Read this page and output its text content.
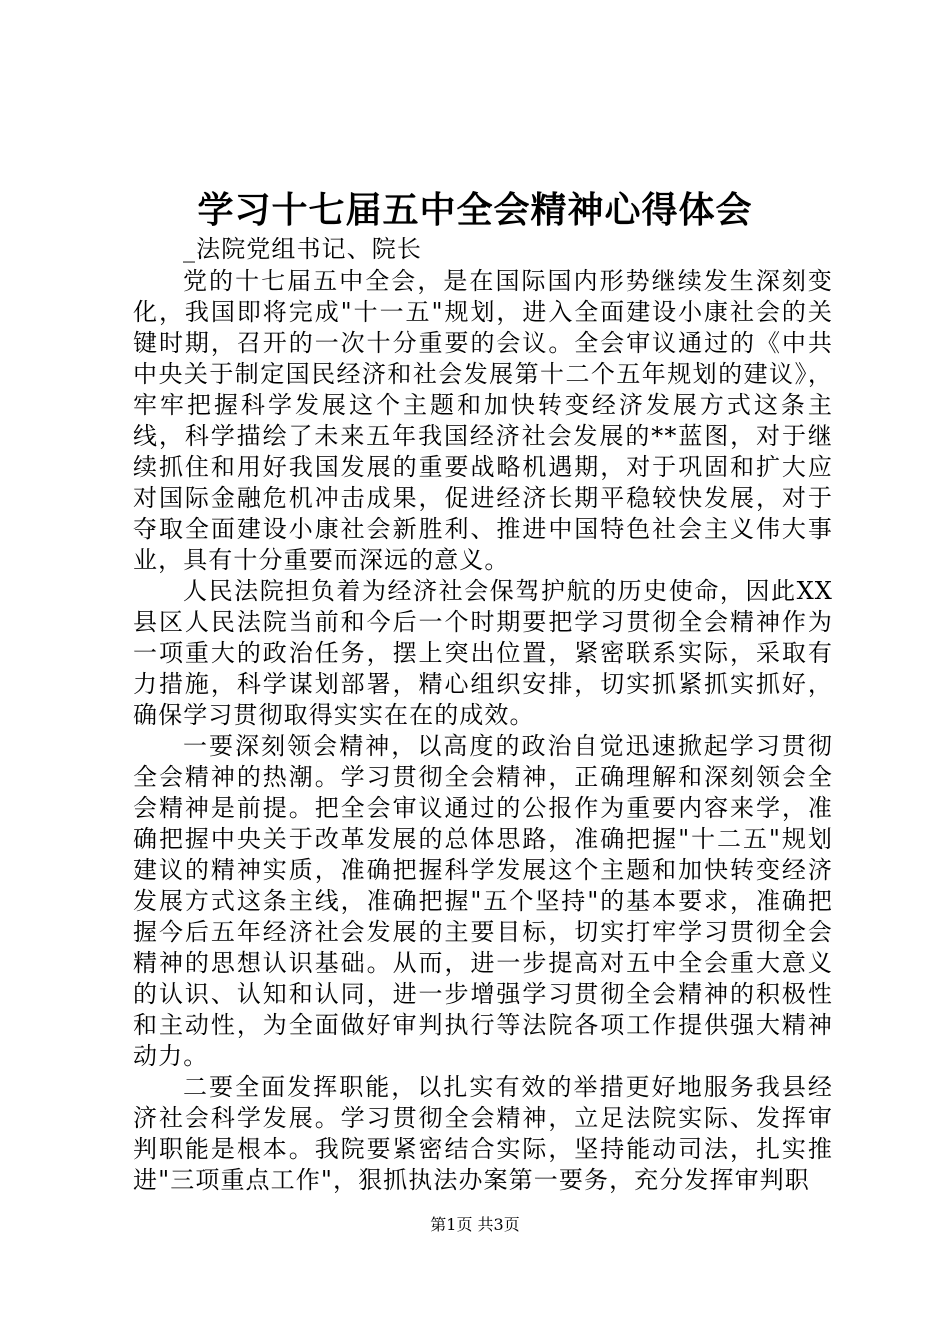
学习十七届五中全会精神心得体会

_法院党组书记、院长

党的十七届五中全会，是在国际国内形势继续发生深刻变化，我国即将完成"十一五"规划，进入全面建设小康社会的关键时期，召开的一次十分重要的会议。全会审议通过的《中共中央关于制定国民经济和社会发展第十二个五年规划的建议》，牢牢把握科学发展这个主题和加快转变经济发展方式这条主线，科学描绘了未来五年我国经济社会发展的**蓝图，对于继续抓住和用好我国发展的重要战略机遇期，对于巩固和扩大应对国际金融危机冲击成果，促进经济长期平稳较快发展，对于夺取全面建设小康社会新胜利、推进中国特色社会主义伟大事业，具有十分重要而深远的意义。

人民法院担负着为经济社会保驾护航的历史使命，因此XX县区人民法院当前和今后一个时期要把学习贯彻全会精神作为一项重大的政治任务，摆上突出位置，紧密联系实际，采取有力措施，科学谋划部署，精心组织安排，切实抓紧抓实抓好，确保学习贯彻取得实实在在的成效。

一要深刻领会精神，以高度的政治自觉迅速掀起学习贯彻全会精神的热潮。学习贯彻全会精神，正确理解和深刻领会全会精神是前提。把全会审议通过的公报作为重要内容来学，准确把握中央关于改革发展的总体思路，准确把握"十二五"规划建议的精神实质，准确把握科学发展这个主题和加快转变经济发展方式这条主线，准确把握"五个坚持"的基本要求，准确把握今后五年经济社会发展的主要目标，切实打牢学习贯彻全会精神的思想认识基础。从而，进一步提高对五中全会重大意义的认识、认知和认同，进一步增强学习贯彻全会精神的积极性和主动性，为全面做好审判执行等法院各项工作提供强大精神动力。

二要全面发挥职能，以扎实有效的举措更好地服务我县经济社会科学发展。学习贯彻全会精神，立足法院实际、发挥审判职能是根本。我院要紧密结合实际，坚持能动司法，扎实推进"三项重点工作"，狠抓执法办案第一要务，充分发挥审判职

第1页 共3页
